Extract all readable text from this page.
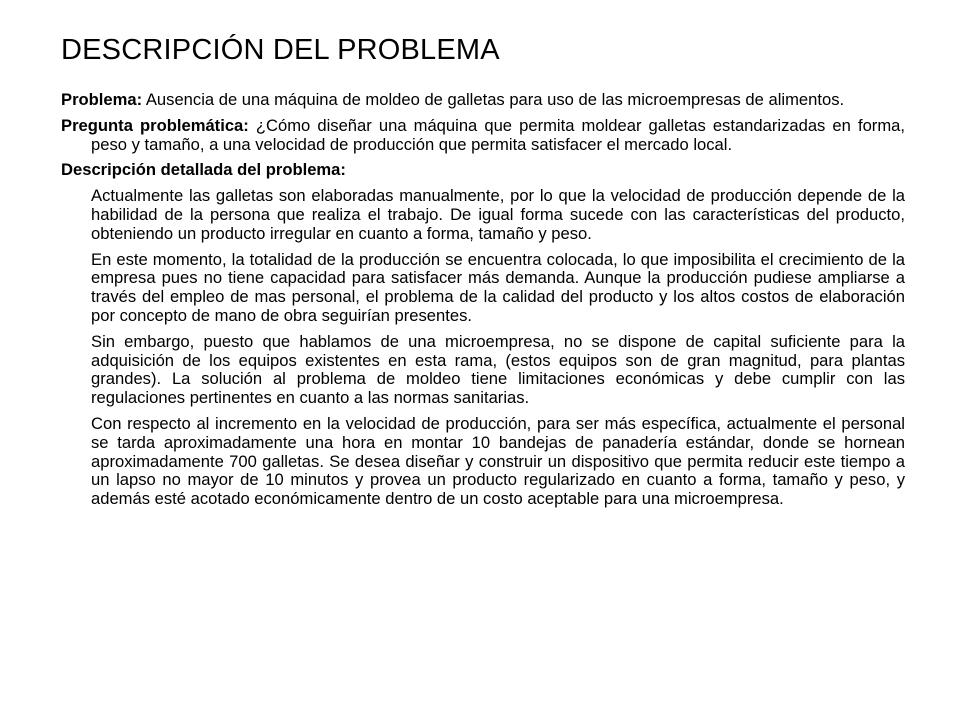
DESCRIPCIÓN DEL PROBLEMA

Problema: Ausencia de una máquina de moldeo de galletas para uso de las microempresas de alimentos.

Pregunta problemática: ¿Cómo diseñar una máquina que permita moldear galletas estandarizadas en forma, peso y tamaño, a una velocidad de producción que permita satisfacer el mercado local.

Descripción detallada del problema:

Actualmente las galletas son elaboradas manualmente, por lo que la velocidad de producción depende de la habilidad de la persona que realiza el trabajo. De igual forma sucede con las características del producto, obteniendo un producto irregular en cuanto a forma, tamaño y peso.

En este momento, la totalidad de la producción se encuentra colocada, lo que imposibilita el crecimiento de la empresa pues no tiene capacidad para satisfacer más demanda. Aunque la producción pudiese ampliarse a través del empleo de mas personal, el problema de la calidad del producto y los altos costos de elaboración por concepto de mano de obra seguirían presentes.

Sin embargo, puesto que hablamos de una microempresa, no se dispone de capital suficiente para la adquisición de los equipos existentes en esta rama, (estos equipos son de gran magnitud, para plantas grandes). La solución al problema de moldeo tiene limitaciones económicas y debe cumplir con las regulaciones pertinentes en cuanto a las normas sanitarias.

Con respecto al incremento en la velocidad de producción, para ser más específica, actualmente el personal se tarda aproximadamente una hora en montar 10 bandejas de panadería estándar, donde se hornean aproximadamente 700 galletas. Se desea diseñar y construir un dispositivo que permita reducir este tiempo a un lapso no mayor de 10 minutos y provea un producto regularizado en cuanto a forma, tamaño y peso, y además esté acotado económicamente dentro de un costo aceptable para una microempresa.
